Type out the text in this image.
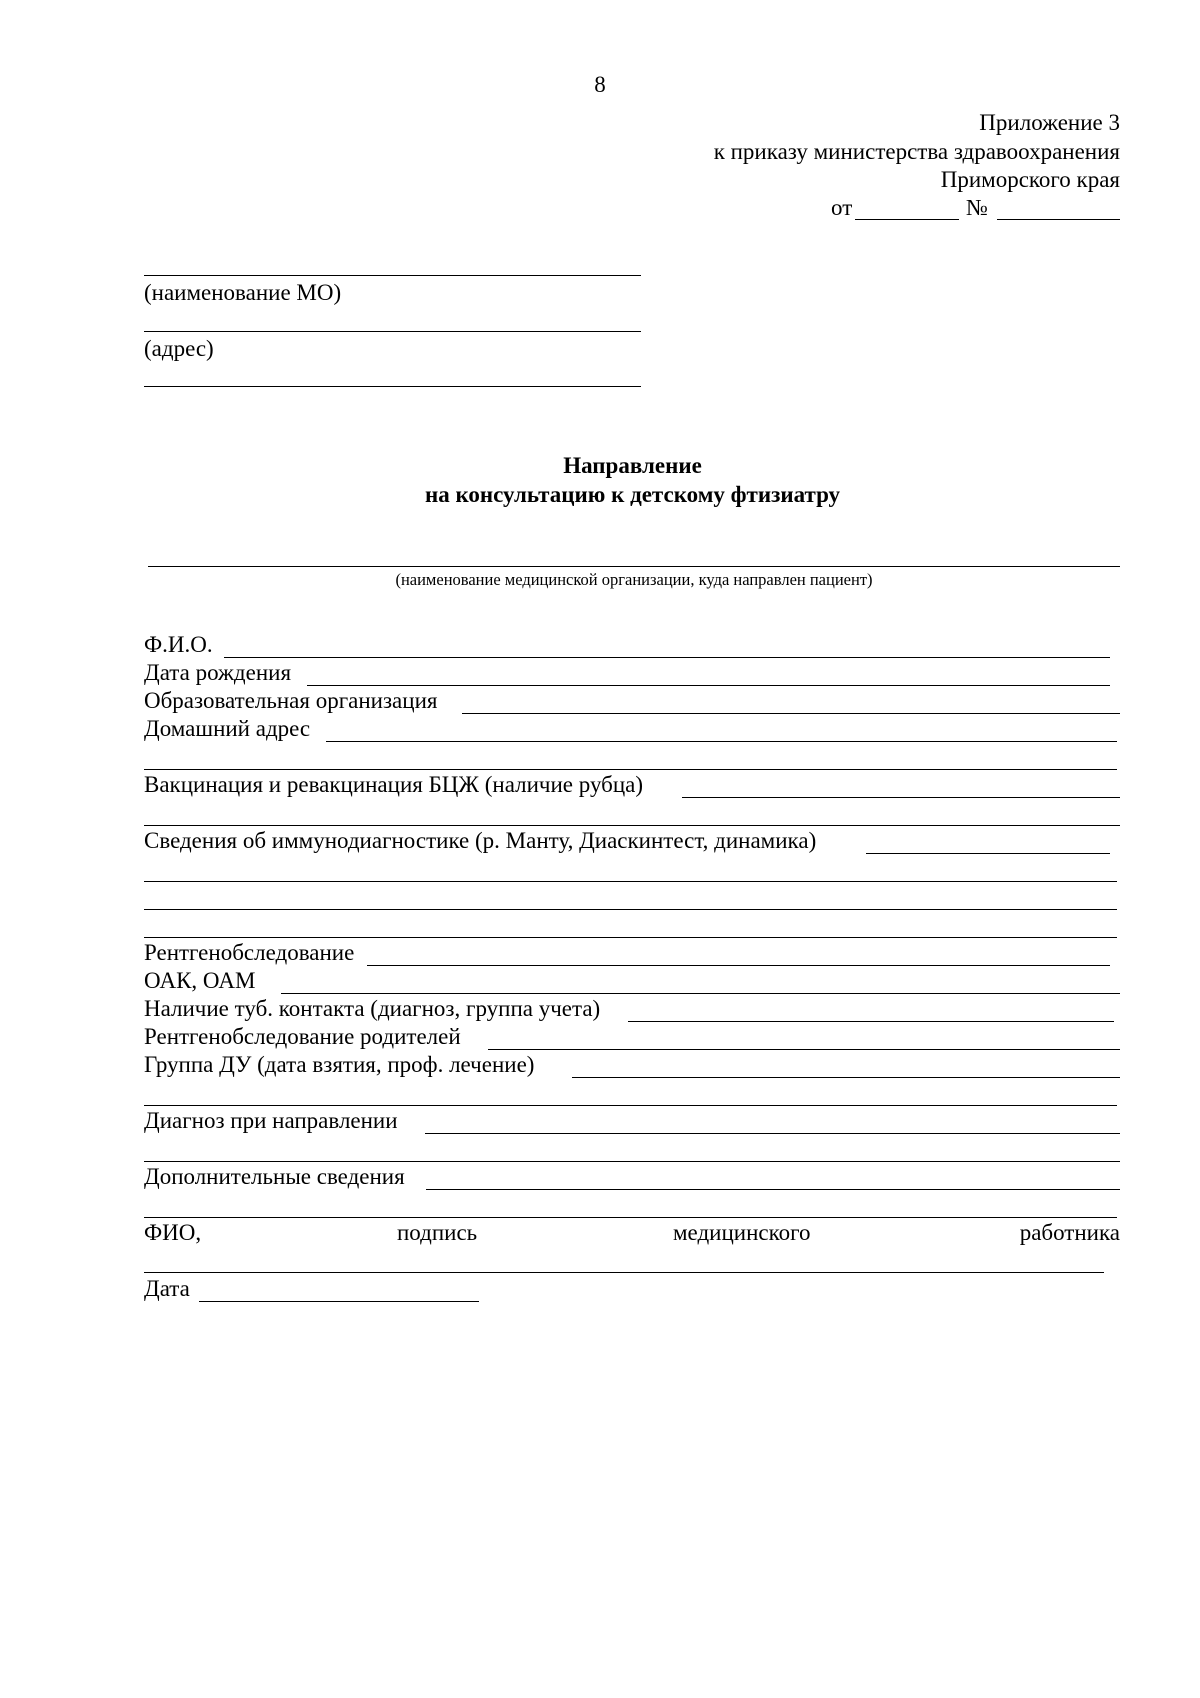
8
Приложение 3
к приказу министерства здравоохранения
Приморского края
от	№
(наименование МО)
(адрес)
Направление
на консультацию к детскому фтизиатру
(наименование медицинской организации, куда направлен пациент)
Ф.И.О.
Дата рождения
Образовательная организация
Домашний адрес
Вакцинация и ревакцинация БЦЖ (наличие рубца)
Сведения об иммунодиагностике (р. Манту, Диаскинтест, динамика)
Рентгенобследование
ОАК, ОАМ
Наличие туб. контакта (диагноз, группа учета)
Рентгенобследование родителей
Группа ДУ (дата взятия, проф. лечение)
Диагноз при направлении
Дополнительные сведения
ФИО,	подпись	медицинского	работника
Дата
